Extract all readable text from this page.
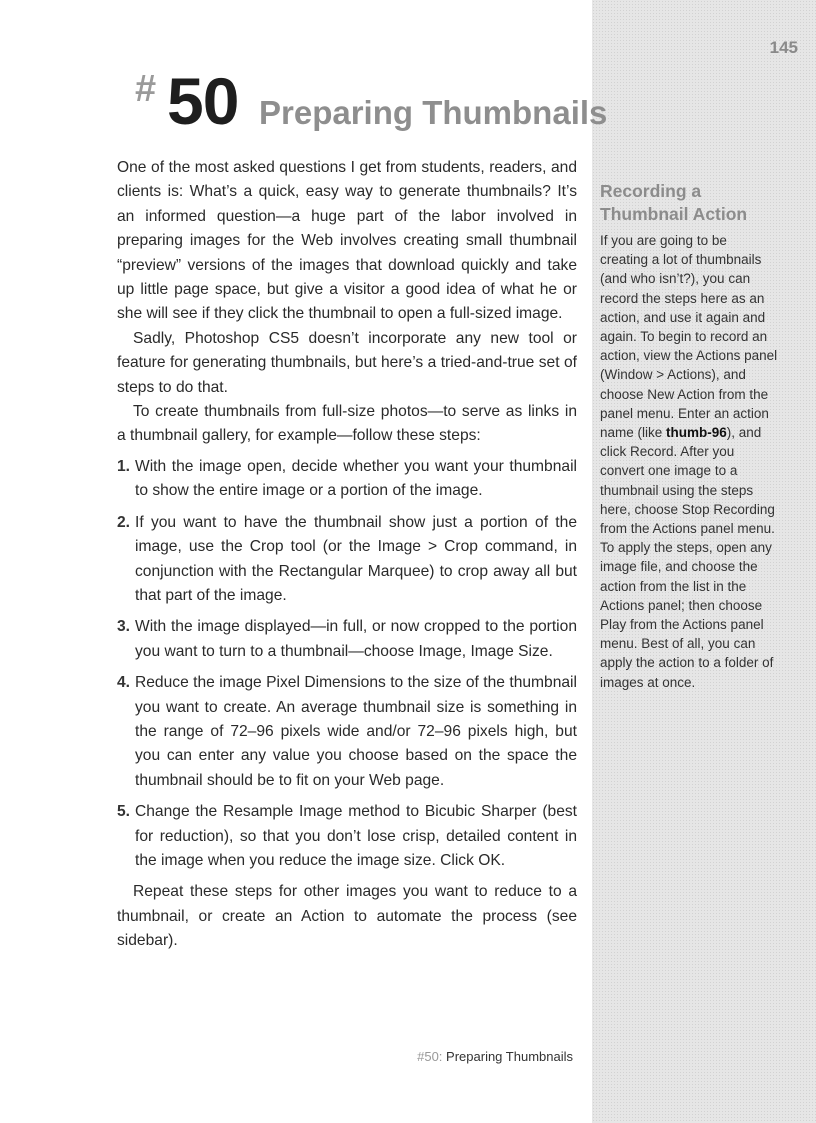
145

# 50 Preparing Thumbnails

One of the most asked questions I get from students, readers, and clients is: What’s a quick, easy way to generate thumbnails? It’s an informed question—a huge part of the labor involved in preparing images for the Web involves creating small thumbnail “preview” versions of the images that download quickly and take up little page space, but give a visitor a good idea of what he or she will see if they click the thumbnail to open a full-sized image.

Sadly, Photoshop CS5 doesn’t incorporate any new tool or feature for generating thumbnails, but here’s a tried-and-true set of steps to do that.

To create thumbnails from full-size photos—to serve as links in a thumbnail gallery, for example—follow these steps:

1. With the image open, decide whether you want your thumbnail to show the entire image or a portion of the image.
2. If you want to have the thumbnail show just a portion of the image, use the Crop tool (or the Image > Crop command, in conjunction with the Rectangular Marquee) to crop away all but that part of the image.
3. With the image displayed—in full, or now cropped to the portion you want to turn to a thumbnail—choose Image, Image Size.
4. Reduce the image Pixel Dimensions to the size of the thumbnail you want to create. An average thumbnail size is something in the range of 72–96 pixels wide and/or 72–96 pixels high, but you can enter any value you choose based on the space the thumbnail should be to fit on your Web page.
5. Change the Resample Image method to Bicubic Sharper (best for reduction), so that you don’t lose crisp, detailed content in the image when you reduce the image size. Click OK.

Repeat these steps for other images you want to reduce to a thumbnail, or create an Action to automate the process (see sidebar).

Recording a Thumbnail Action

If you are going to be creating a lot of thumbnails (and who isn’t?), you can record the steps here as an action, and use it again and again. To begin to record an action, view the Actions panel (Window > Actions), and choose New Action from the panel menu. Enter an action name (like thumb-96), and click Record. After you convert one image to a thumbnail using the steps here, choose Stop Recording from the Actions panel menu. To apply the steps, open any image file, and choose the action from the list in the Actions panel; then choose Play from the Actions panel menu. Best of all, you can apply the action to a folder of images at once.

#50: Preparing Thumbnails
